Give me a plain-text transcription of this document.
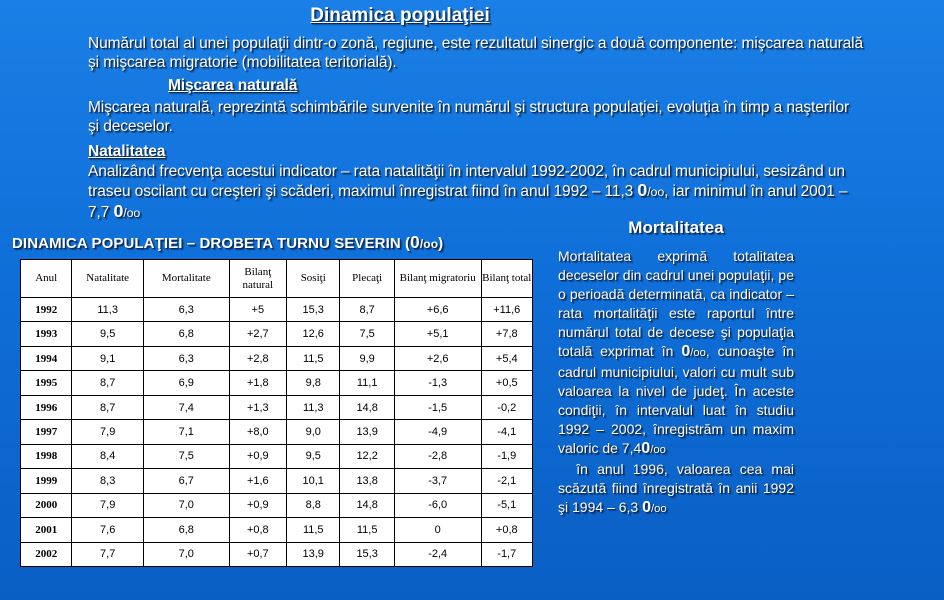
Dinamica populaţiei
Numărul total al unei populaţii dintr-o zonă, regiune, este rezultatul sinergic a două componente: mişcarea naturală şi mişcarea migratorie (mobilitatea teritorială).
Mişcarea naturală
Mişcarea naturală, reprezintă schimbările survenite în numărul şi structura populaţiei, evoluţia în timp a naşterilor şi deceselor.
Natalitatea
Analizând frecvenţa acestui indicator – rata natalităţii în intervalul 1992-2002, în cadrul municipiului, sesizând un traseu oscilant cu creşteri şi scăderi, maximul înregistrat fiind în anul 1992 – 11,3 0/oo, iar minimul în anul 2001 – 7,7 0/oo
DINAMICA POPULAŢIEI – DROBETA TURNU SEVERIN (0/oo)
Anul	Natalitate	Mortalitate	Bilanţ natural	Sosiţi	Plecaţi	Bilanţ migratoriu	Bilanţ total
1992	11,3	6,3	+5	15,3	8,7	+6,6	+11,6
1993	9,5	6,8	+2,7	12,6	7,5	+5,1	+7,8
1994	9,1	6,3	+2,8	11,5	9,9	+2,6	+5,4
1995	8,7	6,9	+1,8	9,8	11,1	-1,3	+0,5
1996	8,7	7,4	+1,3	11,3	14,8	-1,5	-0,2
1997	7,9	7,1	+8,0	9,0	13,9	-4,9	-4,1
1998	8,4	7,5	+0,9	9,5	12,2	-2,8	-1,9
1999	8,3	6,7	+1,6	10,1	13,8	-3,7	-2,1
2000	7,9	7,0	+0,9	8,8	14,8	-6,0	-5,1
2001	7,6	6,8	+0,8	11,5	11,5	0	+0,8
2002	7,7	7,0	+0,7	13,9	15,3	-2,4	-1,7
Mortalitatea
Mortalitatea exprimă totalitatea deceselor din cadrul unei populaţii, pe o perioadă determinată, ca indicator – rata mortalităţii este raportul între numărul total de decese şi populaţia totală exprimat în 0/oo, cunoaşte în cadrul municipiului, valori cu mult sub valoarea la nivel de judeţ. În aceste condiţii, în intervalul luat în studiu 1992 – 2002, înregistrăm un maxim valoric de 7,40/oo
în anul 1996, valoarea cea mai scăzută fiind înregistrată în anii 1992 şi 1994 – 6,3 0/oo
